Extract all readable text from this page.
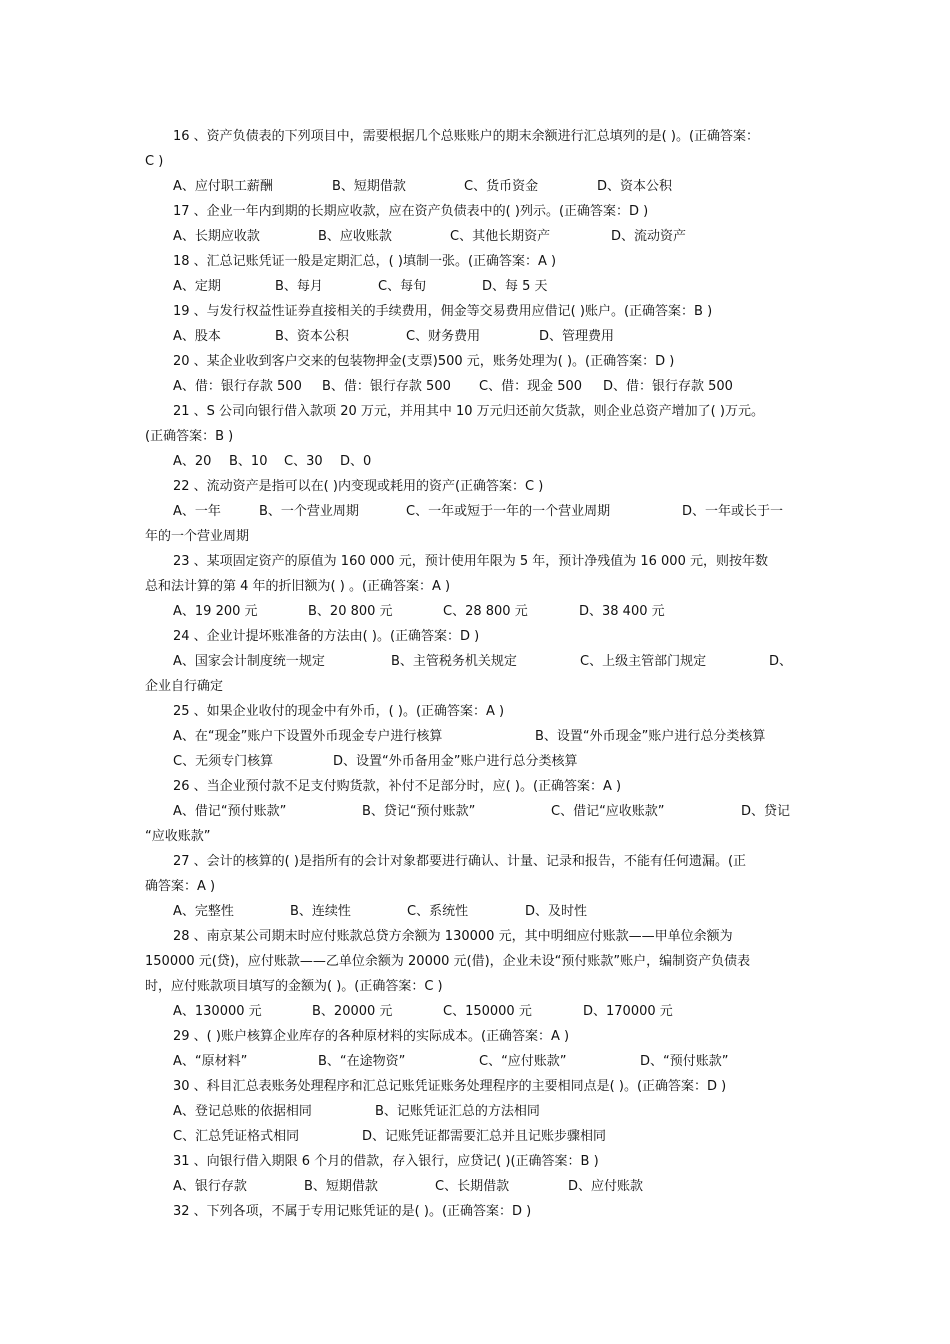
16 、资产负债表的下列项目中，需要根据几个总账账户的期末余额进行汇总填列的是( )。(正确答案：
C )
A、应付职工薪酬	B、短期借款	C、货币资金	D、资本公积
17 、企业一年内到期的长期应收款，应在资产负债表中的( )列示。(正确答案：D )
A、长期应收款	B、应收账款	C、其他长期资产	D、流动资产
18 、汇总记账凭证一般是定期汇总，( )填制一张。(正确答案：A )
A、定期	B、每月	C、每旬	D、每 5 天
19 、与发行权益性证券直接相关的手续费用，佣金等交易费用应借记( )账户。(正确答案：B )
A、股本	B、资本公积	C、财务费用	D、管理费用
20 、某企业收到客户交来的包装物押金(支票)500 元，账务处理为( )。(正确答案：D )
A、借：银行存款 500 B、借：银行存款 500 C、借：现金 500 D、借：银行存款 500
21 、S 公司向银行借入款项 20 万元，并用其中 10 万元归还前欠货款，则企业总资产增加了( )万元。
(正确答案：B )
A、20 B、10 C、30 D、0
22 、流动资产是指可以在( )内变现或耗用的资产(正确答案：C )
A、一年	B、一个营业周期	C、一年或短于一年的一个营业周期	D、一年或长于一
年的一个营业周期
23 、某项固定资产的原值为 160 000 元，预计使用年限为 5 年，预计净残值为 16 000 元，则按年数
总和法计算的第 4 年的折旧额为( ) 。(正确答案：A )
A、19 200 元	B、20 800 元	C、28 800 元	D、38 400 元
24 、企业计提坏账准备的方法由( )。(正确答案：D )
A、国家会计制度统一规定	B、主管税务机关规定	C、上级主管部门规定	D、
企业自行确定
25 、如果企业收付的现金中有外币，( )。(正确答案：A )
A、在“现金”账户下设置外币现金专户进行核算	B、设置“外币现金”账户进行总分类核算
C、无须专门核算	D、设置“外币备用金”账户进行总分类核算
26 、当企业预付款不足支付购货款，补付不足部分时，应( )。(正确答案：A )
A、借记“预付账款”	B、贷记“预付账款”	C、借记“应收账款”	D、贷记
“应收账款”
27 、会计的核算的( )是指所有的会计对象都要进行确认、计量、记录和报告，不能有任何遗漏。(正
确答案：A )
A、完整性	B、连续性	C、系统性	D、及时性
28 、南京某公司期末时应付账款总贷方余额为 130000 元，其中明细应付账款——甲单位余额为
150000 元(贷)，应付账款——乙单位余额为 20000 元(借)，企业未设“预付账款”账户，编制资产负债表
时，应付账款项目填写的金额为( )。(正确答案：C )
A、130000 元	B、20000 元	C、150000 元	D、170000 元
29 、( )账户核算企业库存的各种原材料的实际成本。(正确答案：A )
A、“原材料”	B、“在途物资”	C、“应付账款”	D、“预付账款”
30 、科目汇总表账务处理程序和汇总记账凭证账务处理程序的主要相同点是( )。(正确答案：D )
A、登记总账的依据相同	B、记账凭证汇总的方法相同
C、汇总凭证格式相同	D、记账凭证都需要汇总并且记账步骤相同
31 、向银行借入期限 6 个月的借款，存入银行，应贷记( )(正确答案：B )
A、银行存款	B、短期借款	C、长期借款	D、应付账款
32 、下列各项，不属于专用记账凭证的是( )。(正确答案：D )
